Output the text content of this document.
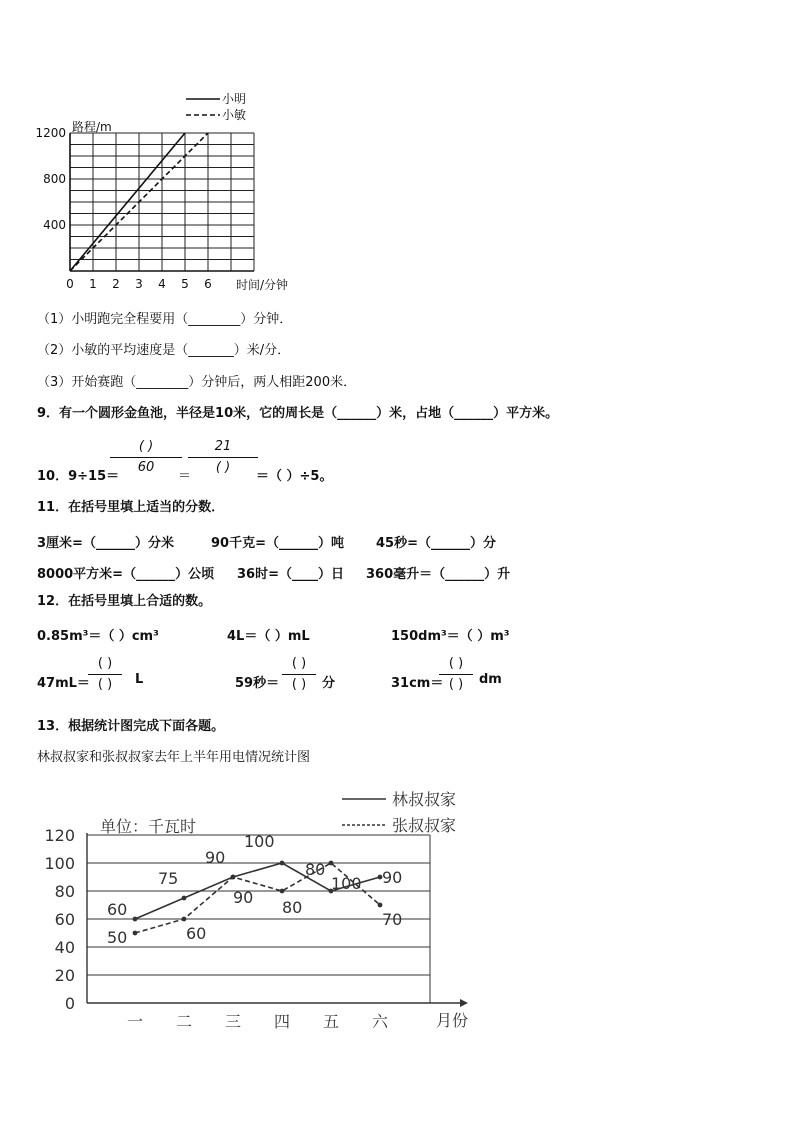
0 1 2 3 4 5 6
400
800
1200
小明
小敏
路程/m
时间/分钟
（1）小明跑完全程要用（________）分钟．
（2）小敏的平均速度是（_______）米/分．
（3）开始赛跑（________）分钟后，两人相距200米．
9．有一个圆形金鱼池，半径是10米，它的周长是（______）米，占地（______）平方米。
10．9÷15＝
( )
60
＝
21
( )
＝（ ）÷5。
11．在括号里填上适当的分数．
3厘米=（______）分米	90千克=（______）吨 45秒=（______）分
8000平方米=（______）公顷 36时=（____）日 360毫升＝（______）升
12．在括号里填上合适的数。
0.85m³＝（ ）cm³	4L＝（ ）mL	150dm³＝（ ）m³
47mL＝
( )
( ) L	59秒＝
( )
( ) 分	31cm＝
( )
( ) dm
13．根据统计图完成下面各题。
林叔叔家和张叔叔家去年上半年用电情况统计图
0
20
40
60
80
100
120
一 二 三 四 五 六
60
75
90
100
80	90
50	60
90
80
100
70
林叔叔家
张叔叔家
单位：千瓦时
月份
